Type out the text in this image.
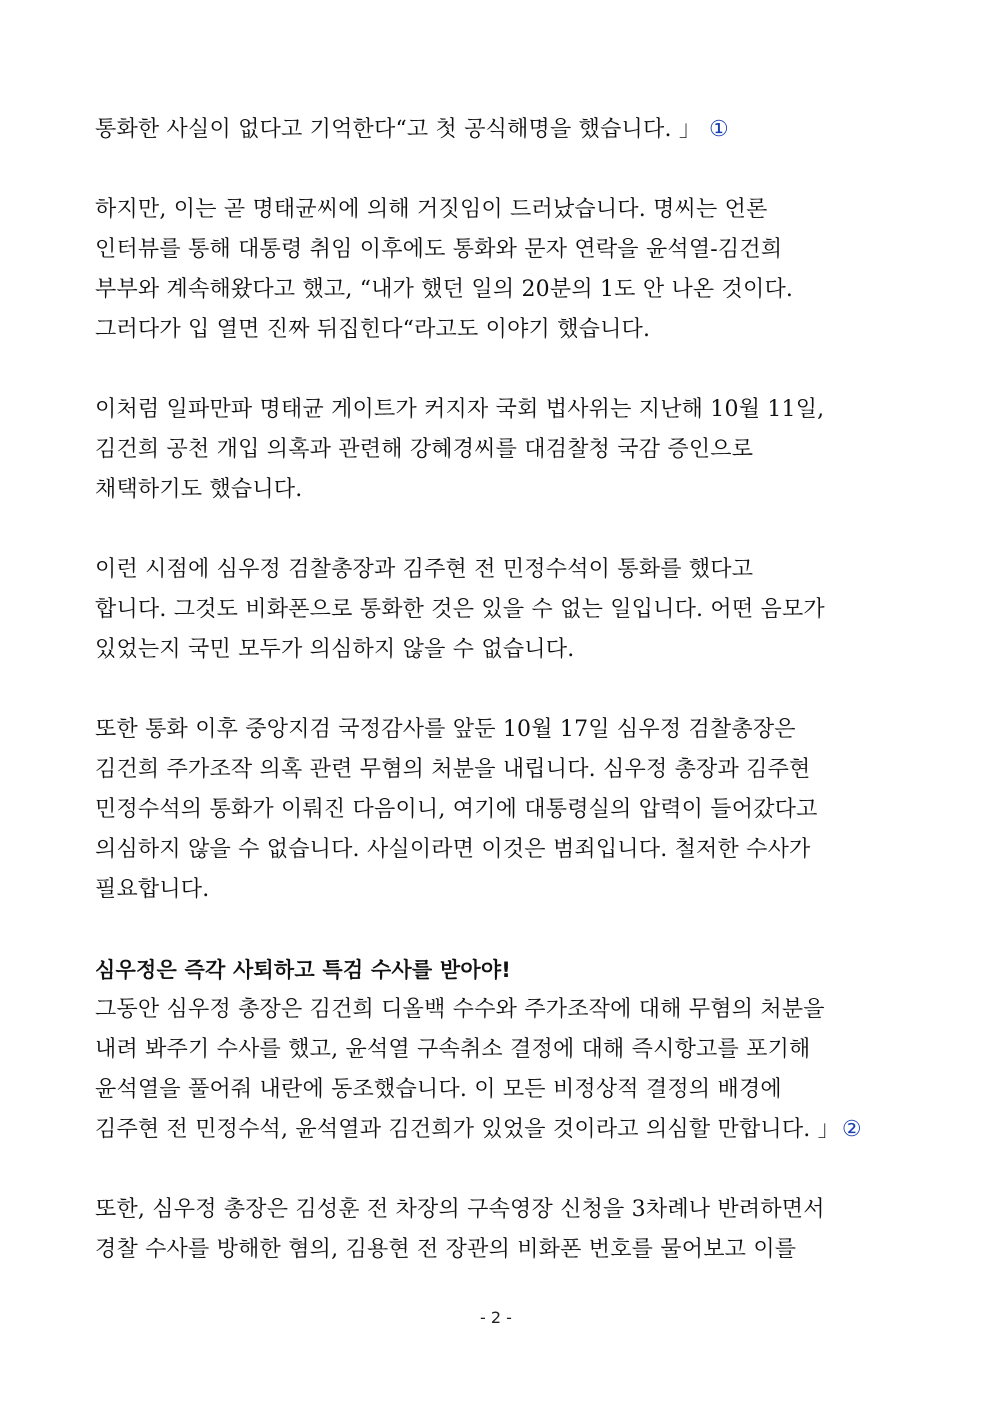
통화한 사실이 없다고 기억한다“고 첫 공식해명을 했습니다. 」 ①
하지만, 이는 곧 명태균씨에 의해 거짓임이 드러났습니다. 명씨는 언론
인터뷰를 통해 대통령 취임 이후에도 통화와 문자 연락을 윤석열-김건희
부부와 계속해왔다고 했고, “내가 했던 일의 20분의 1도 안 나온 것이다.
그러다가 입 열면 진짜 뒤집힌다“라고도 이야기 했습니다.
이처럼 일파만파 명태균 게이트가 커지자 국회 법사위는 지난해 10월 11일,
김건희 공천 개입 의혹과 관련해 강혜경씨를 대검찰청 국감 증인으로
채택하기도 했습니다.
이런 시점에 심우정 검찰총장과 김주현 전 민정수석이 통화를 했다고
합니다. 그것도 비화폰으로 통화한 것은 있을 수 없는 일입니다. 어떤 음모가
있었는지 국민 모두가 의심하지 않을 수 없습니다.
또한 통화 이후 중앙지검 국정감사를 앞둔 10월 17일 심우정 검찰총장은
김건희 주가조작 의혹 관련 무혐의 처분을 내립니다. 심우정 총장과 김주현
민정수석의 통화가 이뤄진 다음이니, 여기에 대통령실의 압력이 들어갔다고
의심하지 않을 수 없습니다. 사실이라면 이것은 범죄입니다. 철저한 수사가
필요합니다.
심우정은 즉각 사퇴하고 특검 수사를 받아야!
그동안 심우정 총장은 김건희 디올백 수수와 주가조작에 대해 무혐의 처분을
내려 봐주기 수사를 했고, 윤석열 구속취소 결정에 대해 즉시항고를 포기해
윤석열을 풀어줘 내란에 동조했습니다. 이 모든 비정상적 결정의 배경에
김주현 전 민정수석, 윤석열과 김건희가 있었을 것이라고 의심할 만합니다. 」②
또한, 심우정 총장은 김성훈 전 차장의 구속영장 신청을 3차례나 반려하면서
경찰 수사를 방해한 혐의, 김용현 전 장관의 비화폰 번호를 물어보고 이를
- 2 -
